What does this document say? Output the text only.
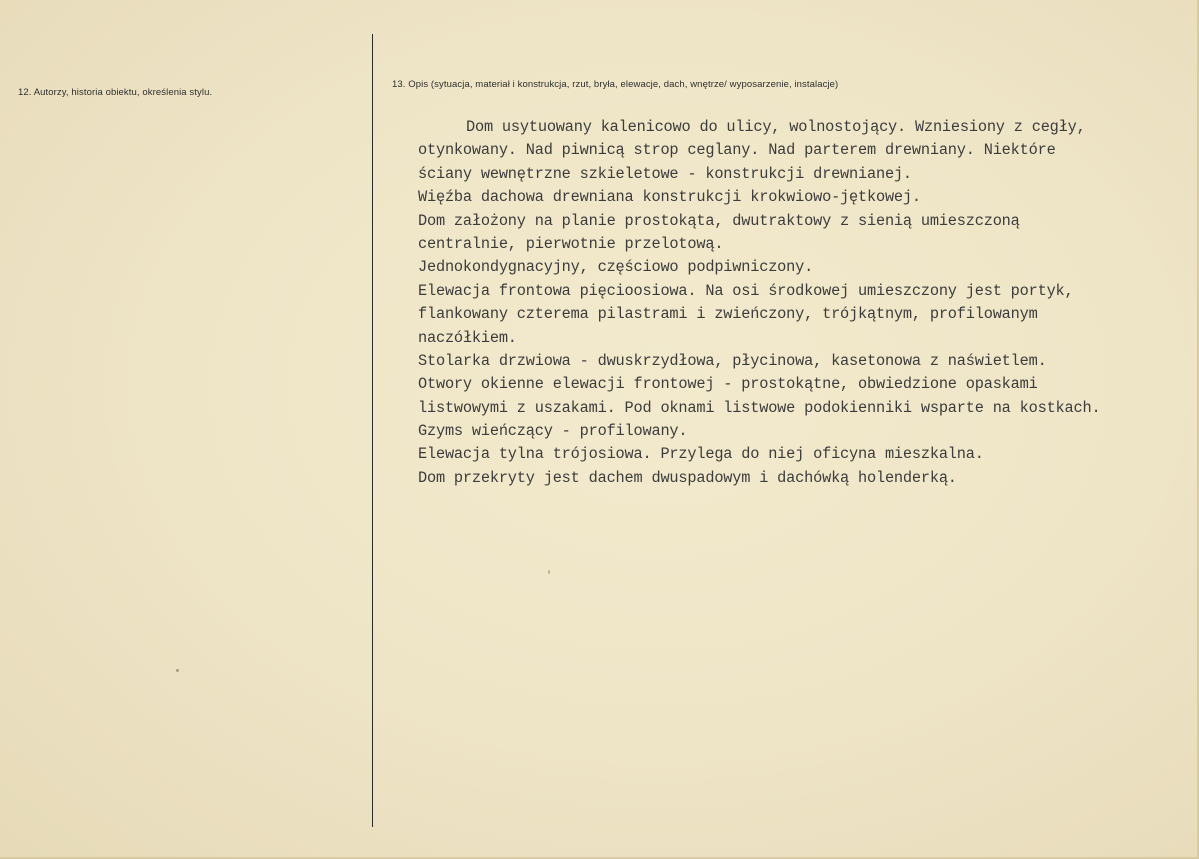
12. Autorzy, historia obiektu, określenia stylu.
13. Opis (sytuacja, materiał i konstrukcja, rzut, bryła, elewacje, dach, wnętrze/ wyposarzenie, instalacje)
Dom usytuowany kalenicowo do ulicy, wolnostojący. Wzniesiony z cegły,
otynkowany. Nad piwnicą strop ceglany. Nad parterem drewniany. Niektóre
ściany wewnętrzne szkieletowe - konstrukcji drewnianej.
Więźba dachowa drewniana konstrukcji krokwiowo-jętkowej.
Dom założony na planie prostokąta, dwutraktowy z sienią umieszczoną
centralnie, pierwotnie przelotową.
Jednokondygnacyjny, częściowo podpiwniczony.
Elewacja frontowa pięcioosiowa. Na osi środkowej umieszczony jest portyk,
flankowany czterema pilastrami i zwieńczony, trójkątnym, profilowanym
naczółkiem.
Stolarka drzwiowa - dwuskrzydłowa, płycinowa, kasetonowa z naświetlem.
Otwory okienne elewacji frontowej - prostokątne, obwiedzione opaskami
listwowymi z uszakami. Pod oknami listwowe podokienniki wsparte na kostkach.
Gzyms wieńczący - profilowany.
Elewacja tylna trójosiowa. Przylega do niej oficyna mieszkalna.
Dom przekryty jest dachem dwuspadowym i dachówką holenderką.
